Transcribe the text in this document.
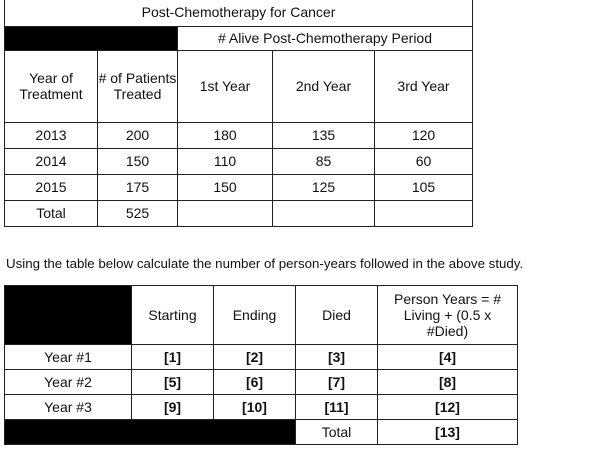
Post-Chemotherapy for Cancer				
		# Alive Post-Chemotherapy Period		
Year of Treatment	# of Patients Treated	1st Year	2nd Year	3rd Year
2013	200	180	135	120
2014	150	110	85	60
2015	175	150	125	105
Total	525			
Using the table below calculate the number of person-years followed in the above study.
	Starting	Ending	Died	Person Years = # Living + (0.5 x #Died)
Year #1	[1]	[2]	[3]	[4]
Year #2	[5]	[6]	[7]	[8]
Year #3	[9]	[10]	[11]	[12]
			Total	[13]
